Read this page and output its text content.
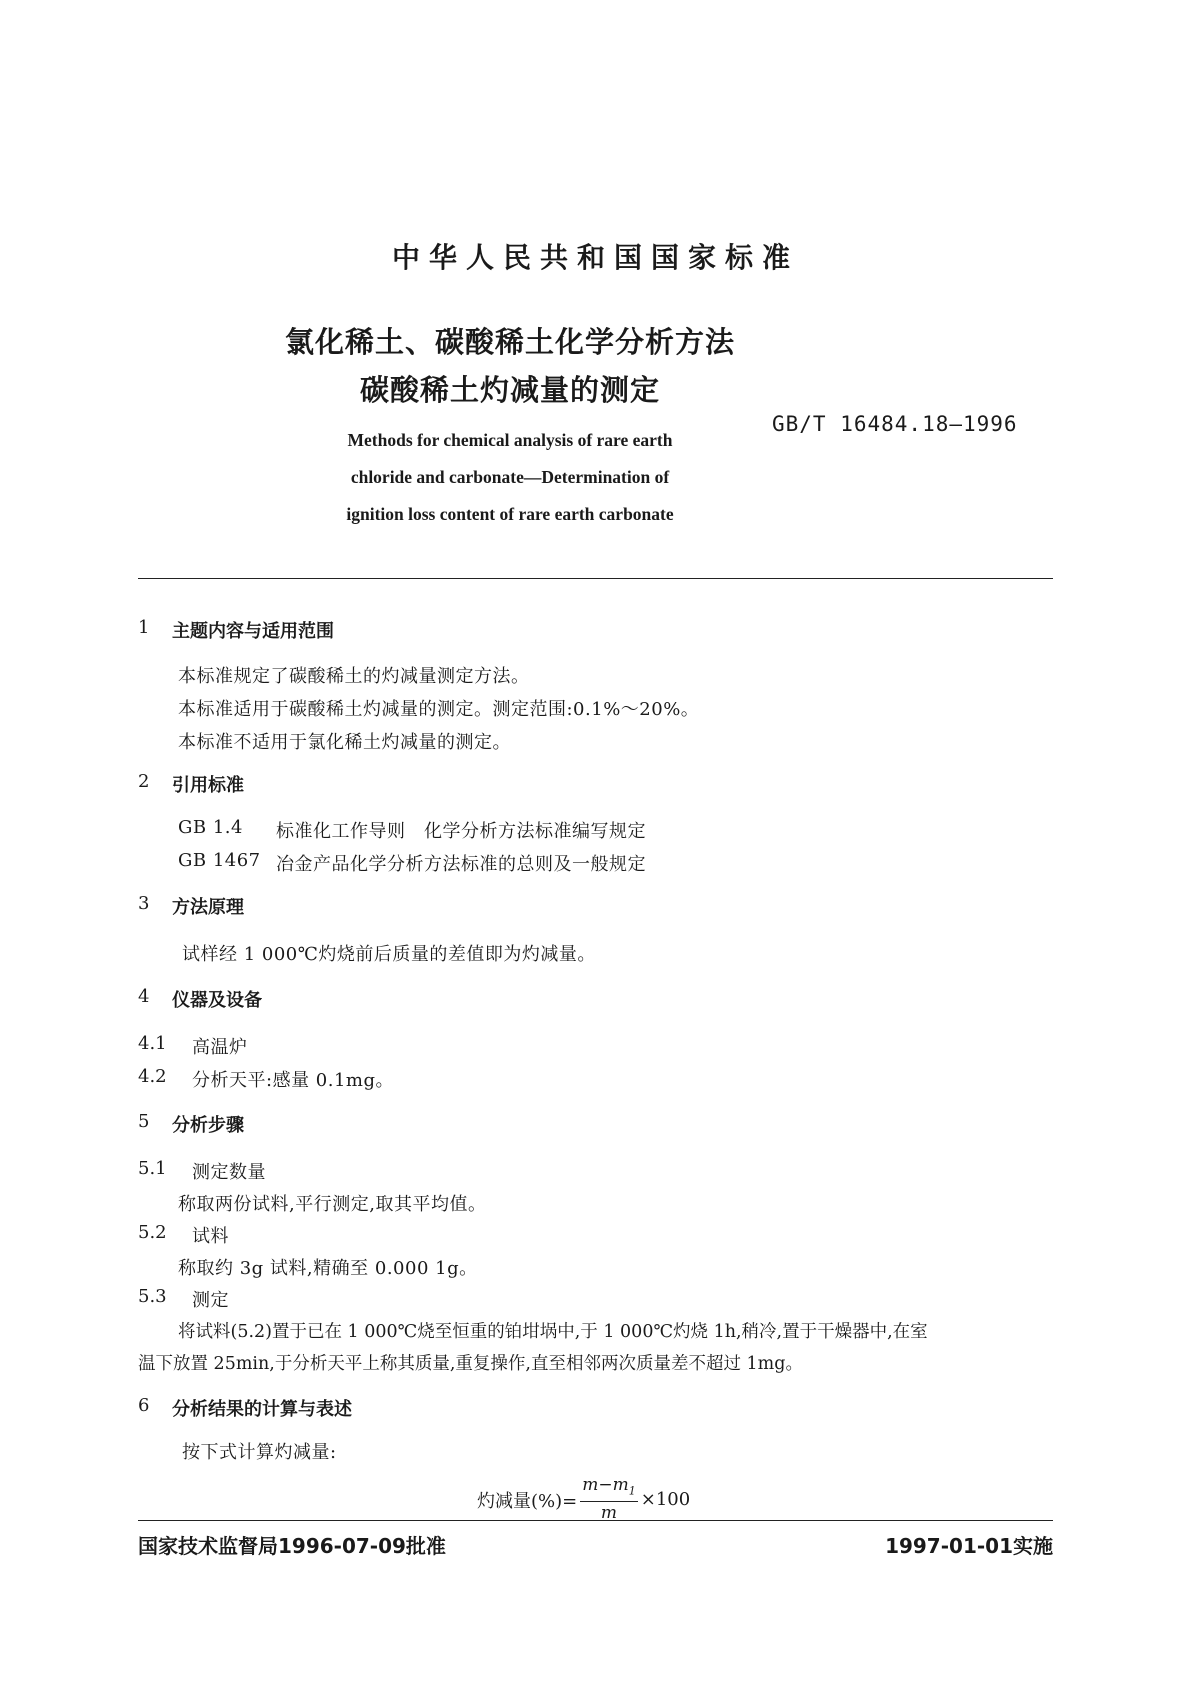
中华人民共和国国家标准
氯化稀土、碳酸稀土化学分析方法
碳酸稀土灼减量的测定
GB/T 16484.18—1996
Methods for chemical analysis of rare earth
chloride and carbonate—Determination of
ignition loss content of rare earth carbonate
1 主题内容与适用范围
本标准规定了碳酸稀土的灼减量测定方法。
本标准适用于碳酸稀土灼减量的测定。测定范围:0.1%～20%。
本标准不适用于氯化稀土灼减量的测定。
2 引用标准
GB 1.4 标准化工作导则　化学分析方法标准编写规定
GB 1467 冶金产品化学分析方法标准的总则及一般规定
3 方法原理
试样经 1 000℃灼烧前后质量的差值即为灼减量。
4 仪器及设备
4.1 高温炉
4.2 分析天平:感量 0.1mg。
5 分析步骤
5.1 测定数量
称取两份试料,平行测定,取其平均值。
5.2 试料
称取约 3g 试料,精确至 0.000 1g。
5.3 测定
将试料(5.2)置于已在 1 000℃烧至恒重的铂坩埚中,于 1 000℃灼烧 1h,稍冷,置于干燥器中,在室
温下放置 25min,于分析天平上称其质量,重复操作,直至相邻两次质量差不超过 1mg。
6 分析结果的计算与表述
按下式计算灼减量:
灼减量(%)= $\frac{m-m_1}{m} \times 100$
国家技术监督局1996-07-09批准	1997-01-01实施
